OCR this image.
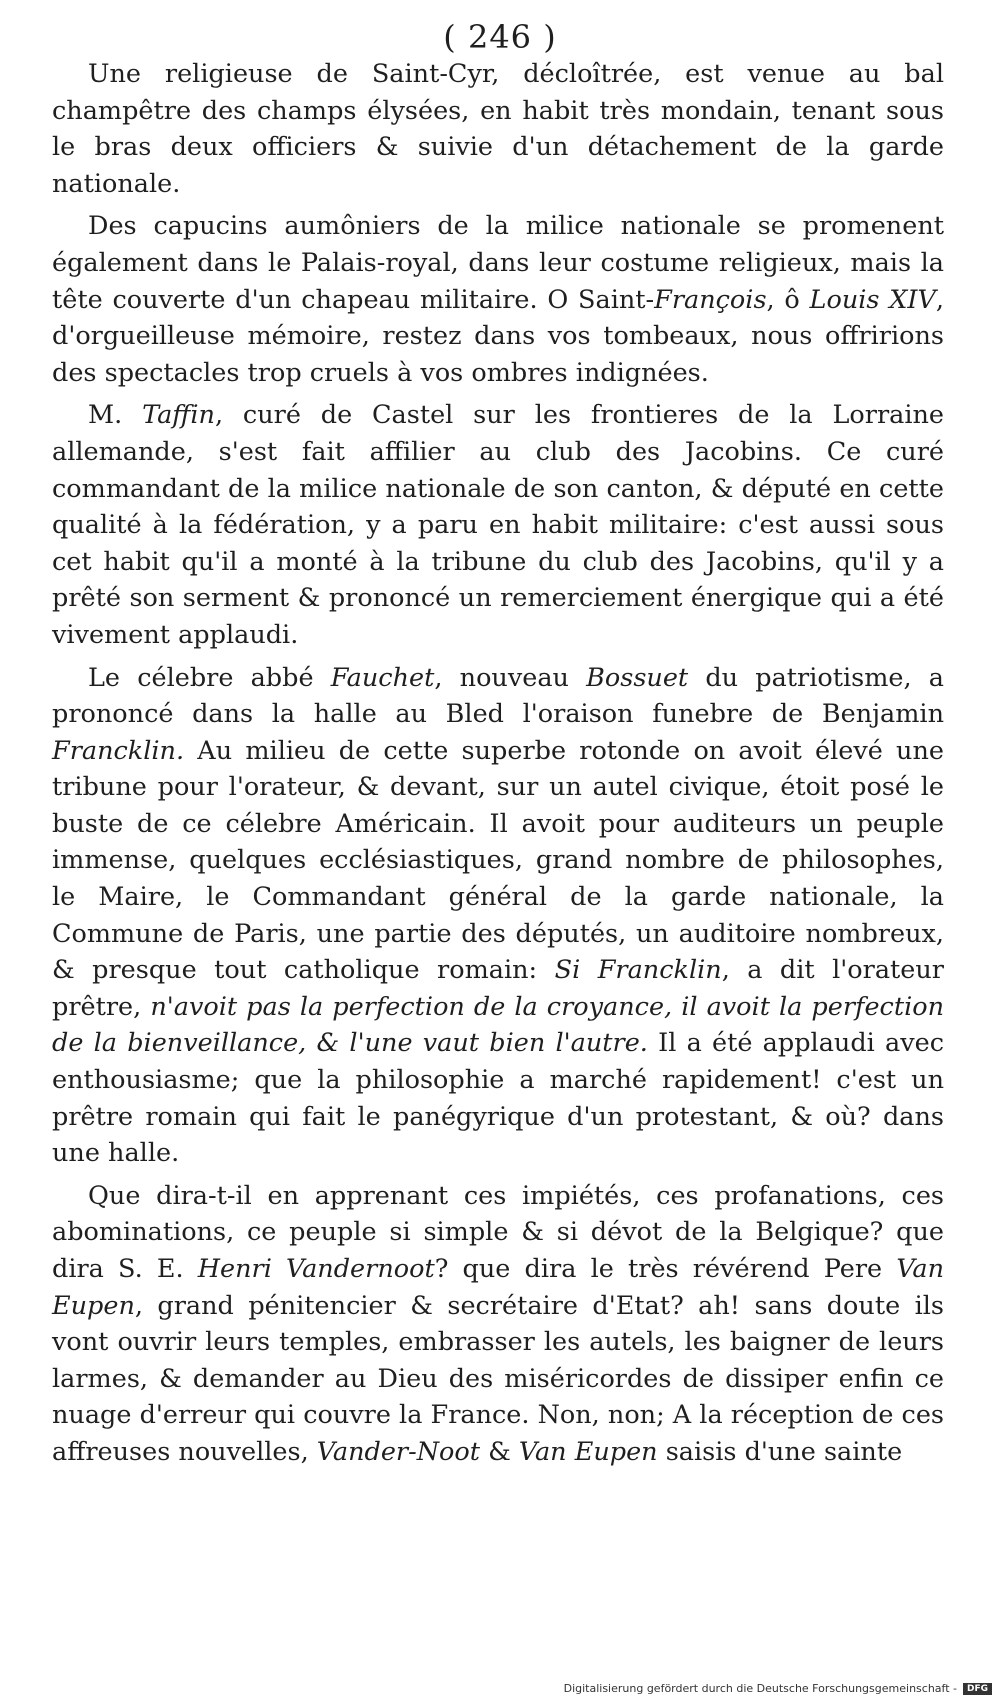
( 246 )

Une religieuse de Saint-Cyr, décloîtrée, est venue au bal champêtre des champs élysées, en habit très mondain, tenant sous le bras deux officiers & suivie d'un détachement de la garde nationale.

Des capucins aumôniers de la milice nationale se promenent également dans le Palais-royal, dans leur costume religieux, mais la tête couverte d'un chapeau militaire. O Saint-François, ô Louis XIV, d'orgueilleuse mémoire, restez dans vos tombeaux, nous offririons des spectacles trop cruels à vos ombres indignées.

M. Taffin, curé de Castel sur les frontieres de la Lorraine allemande, s'est fait affilier au club des Jacobins. Ce curé commandant de la milice nationale de son canton, & député en cette qualité à la fédération, y a paru en habit militaire: c'est aussi sous cet habit qu'il a monté à la tribune du club des Jacobins, qu'il y a prêté son serment & prononcé un remerciement énergique qui a été vivement applaudi.

Le célebre abbé Fauchet, nouveau Bossuet du patriotisme, a prononcé dans la halle au Bled l'oraison funebre de Benjamin Francklin. Au milieu de cette superbe rotonde on avoit élevé une tribune pour l'orateur, & devant, sur un autel civique, étoit posé le buste de ce célebre Américain. Il avoit pour auditeurs un peuple immense, quelques ecclésiastiques, grand nombre de philosophes, le Maire, le Commandant général de la garde nationale, la Commune de Paris, une partie des députés, un auditoire nombreux, & presque tout catholique romain: Si Francklin, a dit l'orateur prêtre, n'avoit pas la perfection de la croyance, il avoit la perfection de la bienveillance, & l'une vaut bien l'autre. Il a été applaudi avec enthousiasme; que la philosophie a marché rapidement! c'est un prêtre romain qui fait le panégyrique d'un protestant, & où? dans une halle.

Que dira-t-il en apprenant ces impiétés, ces profanations, ces abominations, ce peuple si simple & si dévot de la Belgique? que dira S. E. Henri Vandernoot? que dira le très révérend Pere Van Eupen, grand pénitencier & secrétaire d'Etat? ah! sans doute ils vont ouvrir leurs temples, embrasser les autels, les baigner de leurs larmes, & demander au Dieu des miséricordes de dissiper enfin ce nuage d'erreur qui couvre la France. Non, non; A la réception de ces affreuses nouvelles, Vander-Noot & Van Eupen saisis d'une sainte

Digitalisierung gefördert durch die Deutsche Forschungsgemeinschaft -	DFG
